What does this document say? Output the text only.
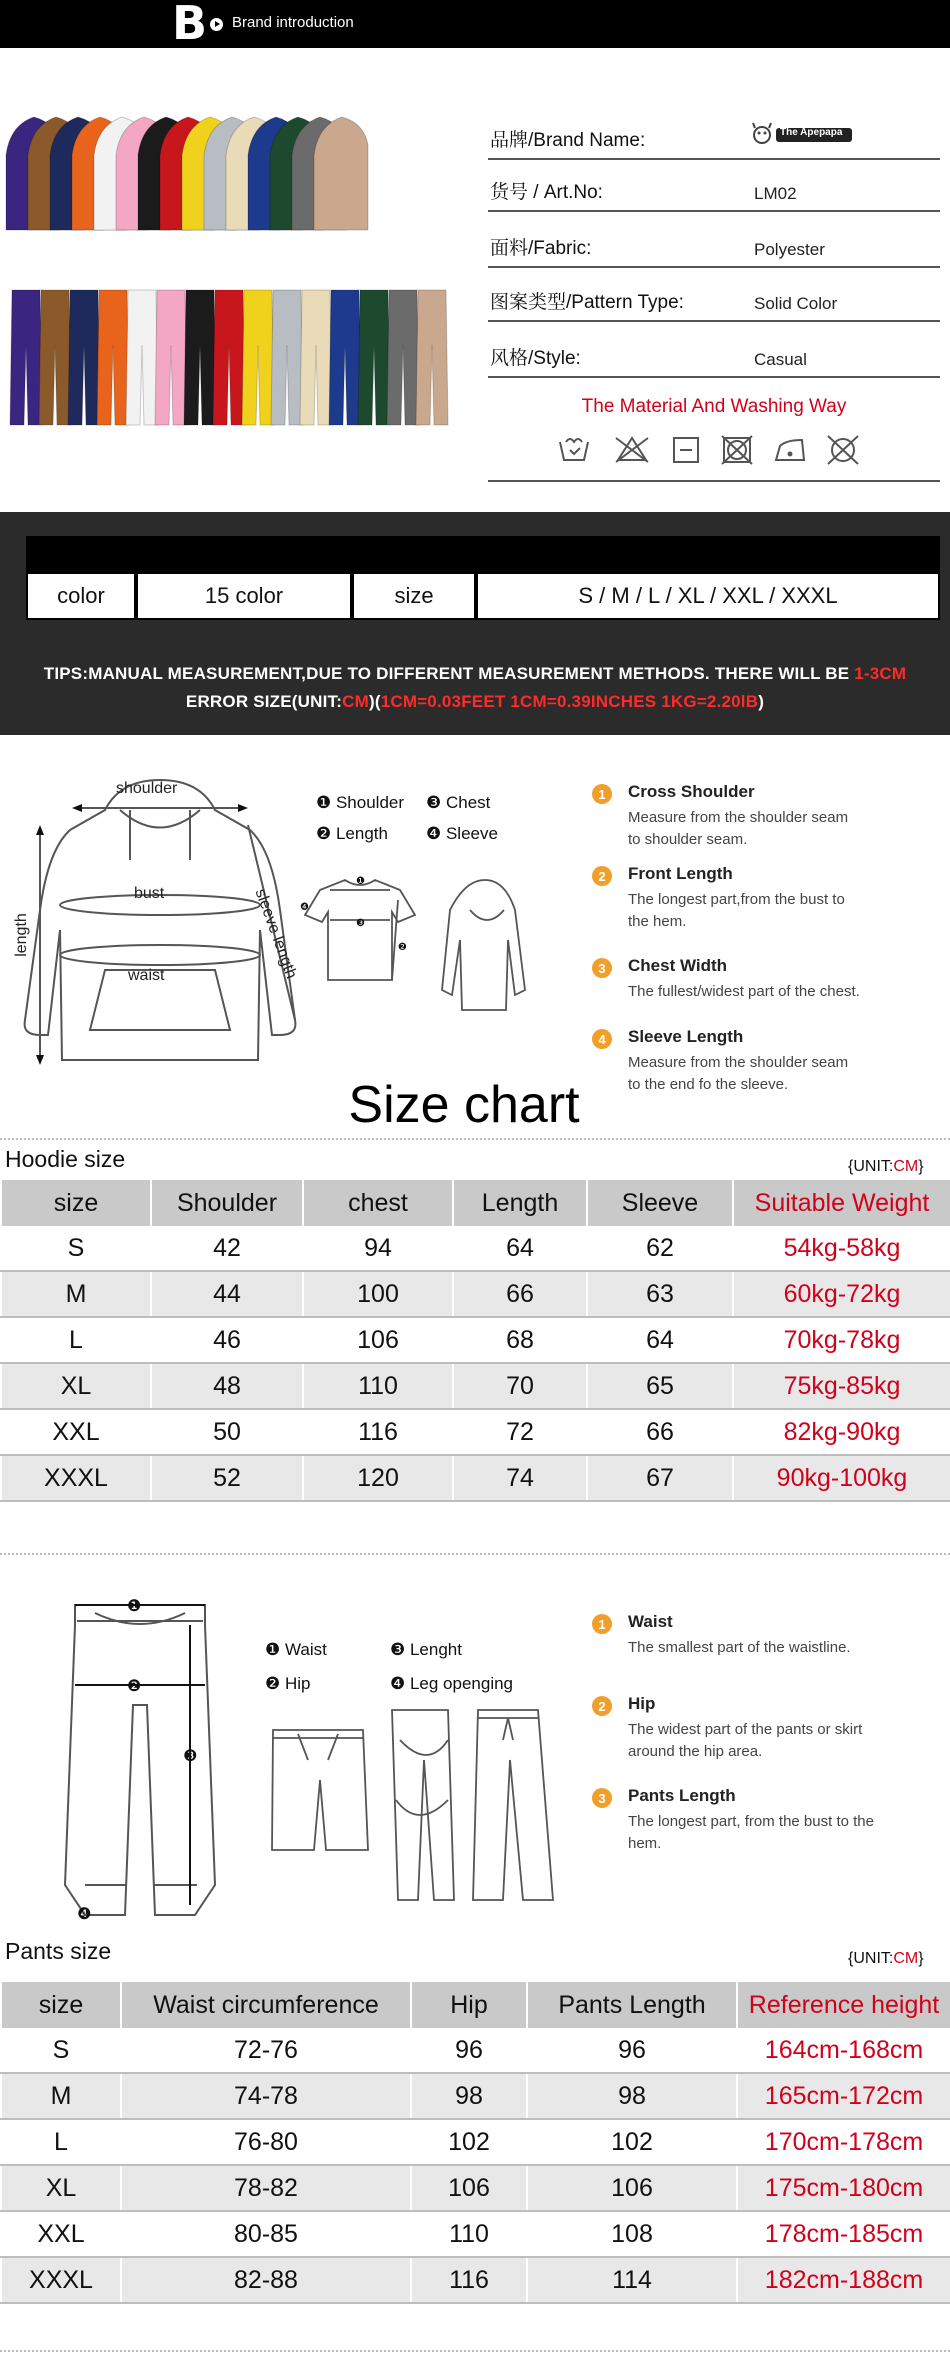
B Brand introduction
品牌/Brand Name:	The Apepapa
货号 / Art.No:	LM02
面料/Fabric:	Polyester
图案类型/Pattern Type:	Solid Color
风格/Style:	Casual
The Material And Washing Way
color	15 color	size	S / M / L / XL / XXL / XXXL
TIPS:MANUAL MEASUREMENT,DUE TO DIFFERENT MEASUREMENT METHODS. THERE WILL BE 1-3CM
ERROR SIZE(UNIT:CM)(1CM=0.03FEET 1CM=0.39INCHES 1KG=2.20lB)
shoulder
bust
waist
length	sleeve length
❶ Shoulder ❸ Chest
❷ Length ❹ Sleeve
❶
❸
❷
❹
1	Cross Shoulder
Measure from the shoulder seam
to shoulder seam.
2	Front Length
The longest part,from the bust to
the hem.
3	Chest Width
The fullest/widest part of the chest.
4	Sleeve Length
Measure from the shoulder seam
to the end fo the sleeve.
Size chart
Hoodie size	{UNIT:CM}
size	Shoulder	chest	Length	Sleeve	Suitable Weight
S	42	94	64	62	54kg-58kg
M	44	100	66	63	60kg-72kg
L	46	106	68	64	70kg-78kg
XL	48	110	70	65	75kg-85kg
XXL	50	116	72	66	82kg-90kg
XXXL	52	120	74	67	90kg-100kg
❶
❷
❸
❹
❶ Waist	❸ Lenght
❷ Hip	❹ Leg openging
1	Waist
The smallest part of the waistline.
2	Hip
The widest part of the pants or skirt
around the hip area.
3	Pants Length
The longest part, from the bust to the
hem.
Pants size	{UNIT:CM}
size	Waist circumference	Hip	Pants Length	Reference height
S	72-76	96	96	164cm-168cm
M	74-78	98	98	165cm-172cm
L	76-80	102	102	170cm-178cm
XL	78-82	106	106	175cm-180cm
XXL	80-85	110	108	178cm-185cm
XXXL	82-88	116	114	182cm-188cm
